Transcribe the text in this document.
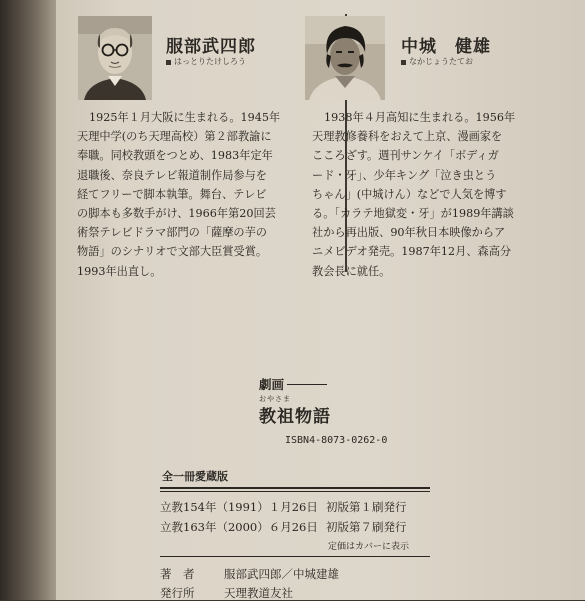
服部武四郎
はっとりたけしろう
1925年１月大阪に生まれる。1945年
天理中学(のち天理高校）第２部教諭に
奉職。同校教頭をつとめ、1983年定年
退職後、奈良テレビ報道制作局参与を
経てフリーで脚本執筆。舞台、テレビ
の脚本も多数手がけ、1966年第20回芸
術祭テレビドラマ部門の「薩摩の芋の
物語」のシナリオで文部大臣賞受賞。
1993年出直し。
中城　健雄
なかじょうたてお
1938年４月高知に生まれる。1956年
天理教修養科をおえて上京、漫画家を
こころざす。週刊サンケイ「ボディガ
ード・牙」、少年キング「泣き虫とう
ちゃん」(中城けん）などで人気を博す
る。「カラテ地獄変・牙」が1989年講談
社から再出版、90年秋日本映像からア
ニメビデオ発売。1987年12月、森高分
教会長に就任。
劇画
おやさま
教祖物語
ISBN4-8073-0262-0
全一冊愛蔵版
立教154年（1991）１月26日 初版第１刷発行
立教163年（2000）６月26日 初版第７刷発行
定価はカバーに表示
著　者	服部武四郎／中城建雄
発行所	天理教道友社
